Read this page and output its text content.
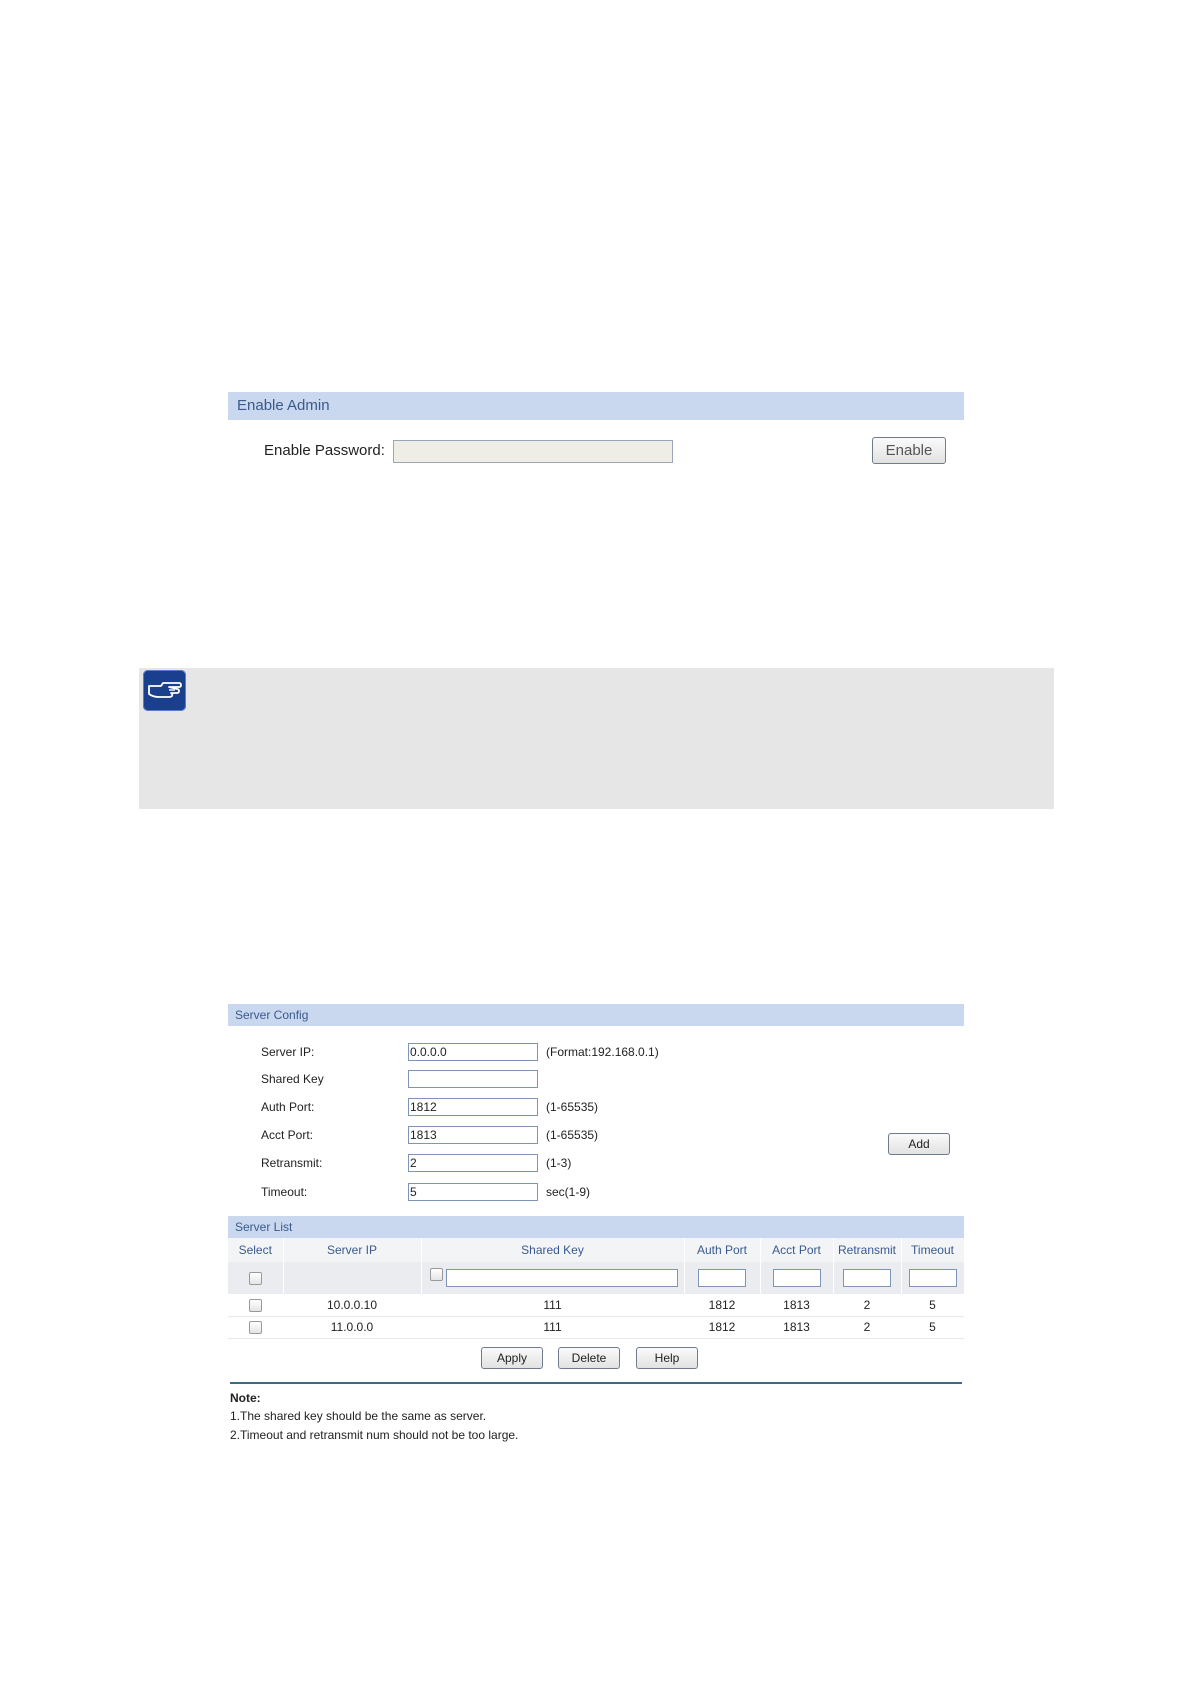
Enable Admin
Enable Password:	Enable
Server Config
Server IP:
0.0.0.0	(Format:192.168.0.1)
Shared Key
Auth Port:
1812	(1-65535)
Acct Port:
1813	(1-65535)
Retransmit:
2	(1-3)
Timeout:
5	sec(1-9)
Add
Server List
Select	Server IP	Shared Key	Auth Port	Acct Port	Retransmit	Timeout

	10.0.0.10	111	1812	1813	2	5
	11.0.0.0	111	1812	1813	2	5
Apply	Delete	Help
Note:
1.The shared key should be the same as server.
2.Timeout and retransmit num should not be too large.
